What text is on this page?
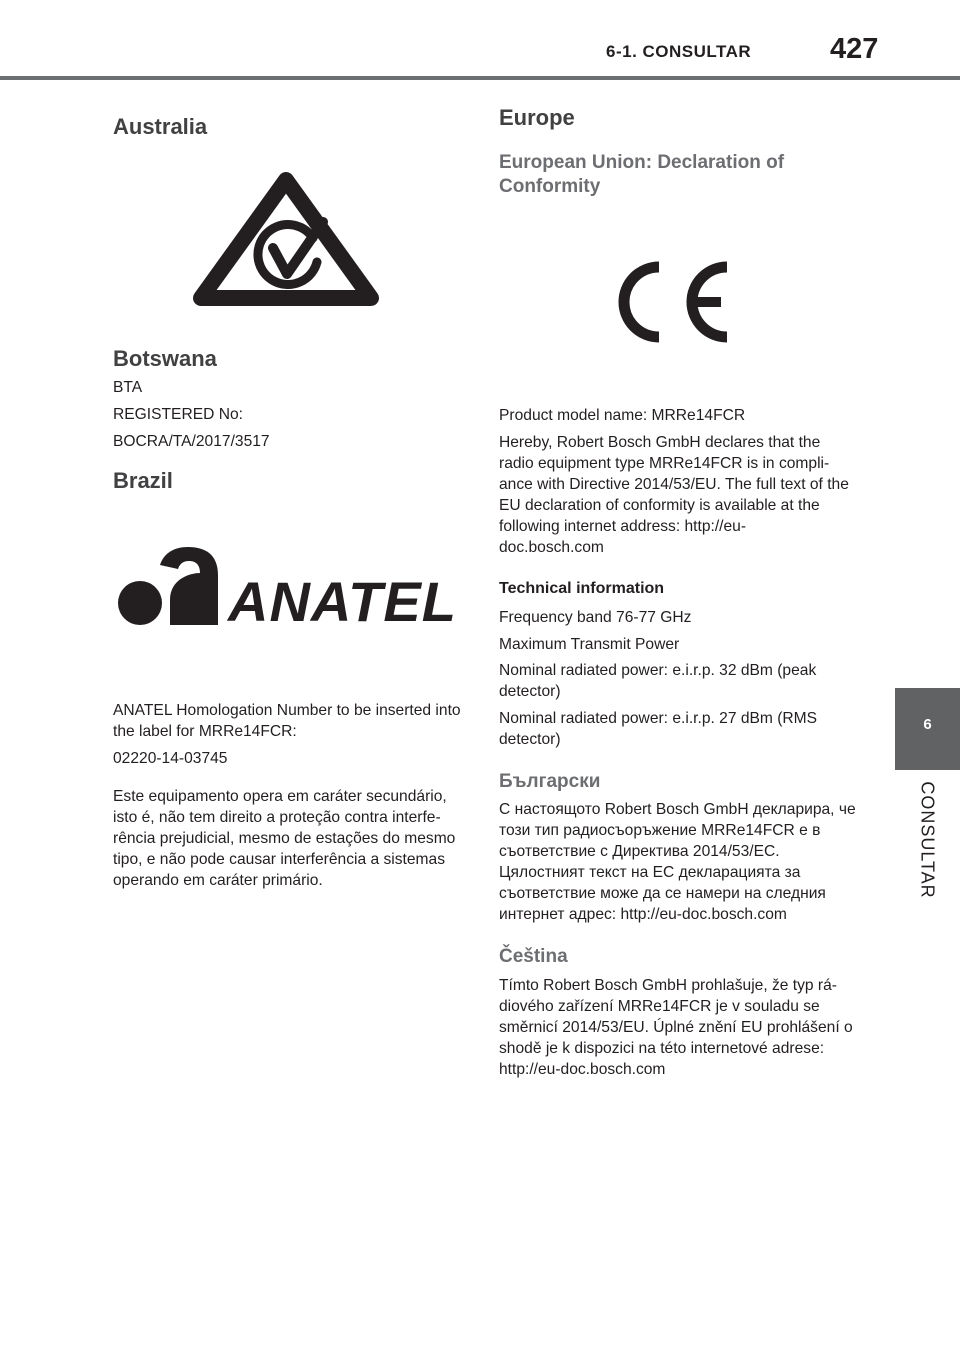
6-1. CONSULTAR	427
6
CONSULTAR
Australia
Botswana

BTA

REGISTERED No:

BOCRA/TA/2017/3517

Brazil
ANATEL

ANATEL Homologation Number to be inserted into the label for MRRe14FCR:

02220-14-03745

Este equipamento opera em caráter secundário, isto é, não tem direito a proteção contra interfe-rência prejudicial, mesmo de estações do mesmo tipo, e não pode causar interferência a sistemas operando em caráter primário.

Europe
European Union: Declaration of Conformity

Product model name: MRRe14FCR

Hereby, Robert Bosch GmbH declares that the radio equipment type MRRe14FCR is in compli-ance with Directive 2014/53/EU. The full text of the EU declaration of conformity is available at the following internet address: http://eu-doc.bosch.com

Technical information

Frequency band 76-77 GHz

Maximum Transmit Power

Nominal radiated power: e.i.r.p. 32 dBm (peak detector)

Nominal radiated power: e.i.r.p. 27 dBm (RMS detector)

Български

С настоящото Robert Bosch GmbH декларира, че този тип радиосъоръжение MRRe14FCR е в съответствие с Директива 2014/53/ЕС. Цялостният текст на ЕС декларацията за съответствие може да се намери на следния интернет адрес: http://eu-doc.bosch.com

Čeština

Tímto Robert Bosch GmbH prohlašuje, že typ rá-diového zařízení MRRe14FCR je v souladu se směrnicí 2014/53/EU. Úplné znění EU prohlášení o shodě je k dispozici na této internetové adrese: http://eu-doc.bosch.com
